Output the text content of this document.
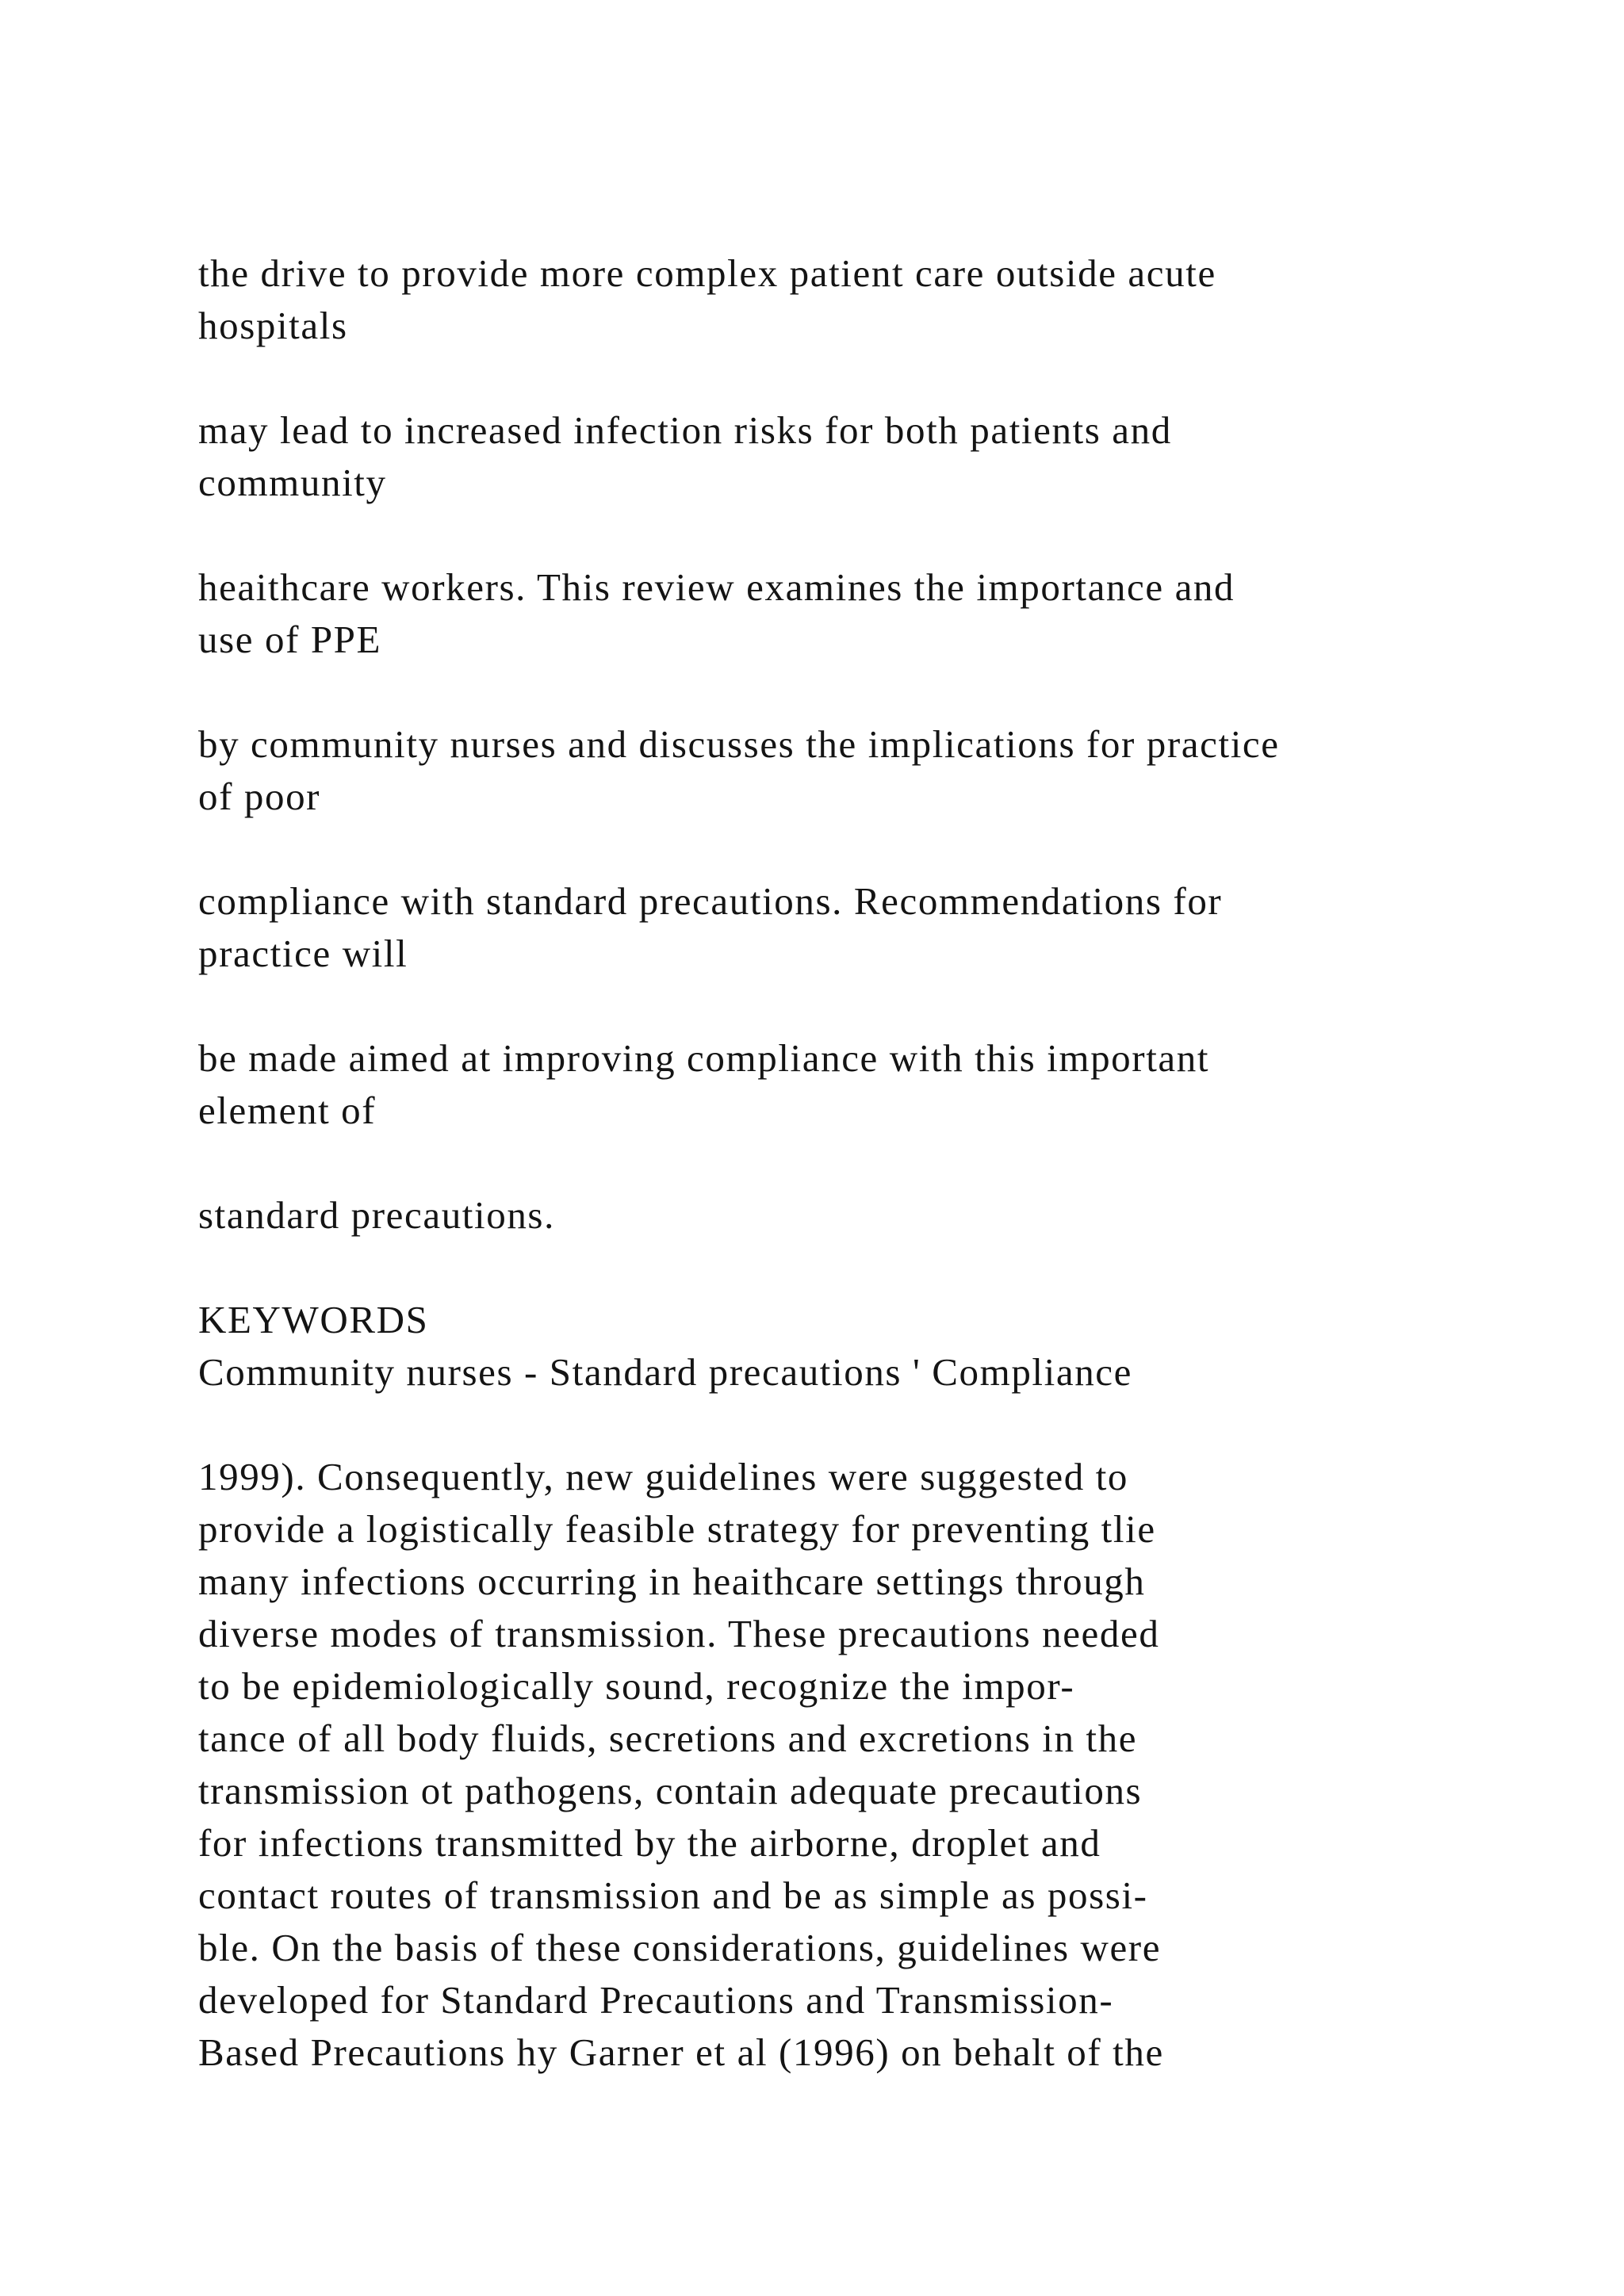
the drive to provide more complex patient care outside acute
hospitals

may lead to increased infection risks for both patients and
community

heaithcare workers. This review examines the importance and
use of PPE

by community nurses and discusses the implications for practice
of poor

compliance with standard precautions. Recommendations for
practice will

be made aimed at improving compliance with this important
element of

standard precautions.

KEYWORDS
Community nurses - Standard precautions ' Compliance
1999). Consequently, new guidelines were suggested to
provide a logistically feasible strategy for preventing tlie
many infections occurring in heaithcare settings through
diverse modes of transmission. These precautions needed
to be epidemiologically sound, recognize the impor-
tance of all body fluids, secretions and excretions in the
transmission ot pathogens, contain adequate precautions
for infections transmitted by the airborne, droplet and
contact routes of transmission and be as simple as possi-
ble. On the basis of these considerations, guidelines were
developed for Standard Precautions and Transmission-
Based Precautions hy Garner et al (1996) on behalt of the
